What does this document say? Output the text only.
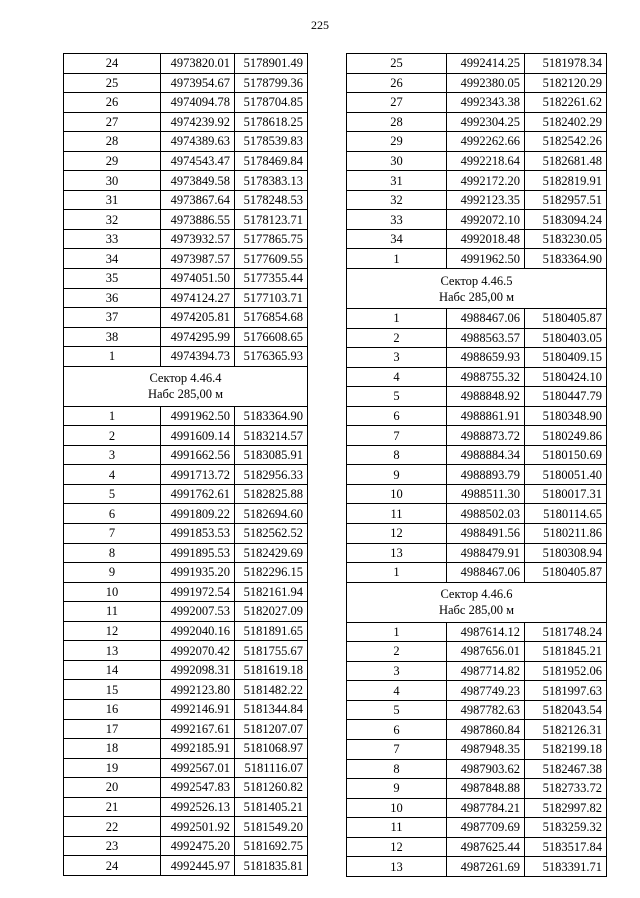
225
24	4973820.01	5178901.49
25	4973954.67	5178799.36
26	4974094.78	5178704.85
27	4974239.92	5178618.25
28	4974389.63	5178539.83
29	4974543.47	5178469.84
30	4973849.58	5178383.13
31	4973867.64	5178248.53
32	4973886.55	5178123.71
33	4973932.57	5177865.75
34	4973987.57	5177609.55
35	4974051.50	5177355.44
36	4974124.27	5177103.71
37	4974205.81	5176854.68
38	4974295.99	5176608.65
1	4974394.73	5176365.93

Сектор 4.46.4
Набс 285,00 м		

1	4991962.50	5183364.90
2	4991609.14	5183214.57
3	4991662.56	5183085.91
4	4991713.72	5182956.33
5	4991762.61	5182825.88
6	4991809.22	5182694.60
7	4991853.53	5182562.52
8	4991895.53	5182429.69
9	4991935.20	5182296.15
10	4991972.54	5182161.94
11	4992007.53	5182027.09
12	4992040.16	5181891.65
13	4992070.42	5181755.67
14	4992098.31	5181619.18
15	4992123.80	5181482.22
16	4992146.91	5181344.84
17	4992167.61	5181207.07
18	4992185.91	5181068.97
19	4992567.01	5181116.07
20	4992547.83	5181260.82
21	4992526.13	5181405.21
22	4992501.92	5181549.20
23	4992475.20	5181692.75
24	4992445.97	5181835.81
25	4992414.25	5181978.34
26	4992380.05	5182120.29
27	4992343.38	5182261.62
28	4992304.25	5182402.29
29	4992262.66	5182542.26
30	4992218.64	5182681.48
31	4992172.20	5182819.91
32	4992123.35	5182957.51
33	4992072.10	5183094.24
34	4992018.48	5183230.05
1	4991962.50	5183364.90

Сектор 4.46.5
Набс 285,00 м		

1	4988467.06	5180405.87
2	4988563.57	5180403.05
3	4988659.93	5180409.15
4	4988755.32	5180424.10
5	4988848.92	5180447.79
6	4988861.91	5180348.90
7	4988873.72	5180249.86
8	4988884.34	5180150.69
9	4988893.79	5180051.40
10	4988511.30	5180017.31
11	4988502.03	5180114.65
12	4988491.56	5180211.86
13	4988479.91	5180308.94
1	4988467.06	5180405.87

Сектор 4.46.6
Набс 285,00 м		

1	4987614.12	5181748.24
2	4987656.01	5181845.21
3	4987714.82	5181952.06
4	4987749.23	5181997.63
5	4987782.63	5182043.54
6	4987860.84	5182126.31
7	4987948.35	5182199.18
8	4987903.62	5182467.38
9	4987848.88	5182733.72
10	4987784.21	5182997.82
11	4987709.69	5183259.32
12	4987625.44	5183517.84
13	4987261.69	5183391.71
